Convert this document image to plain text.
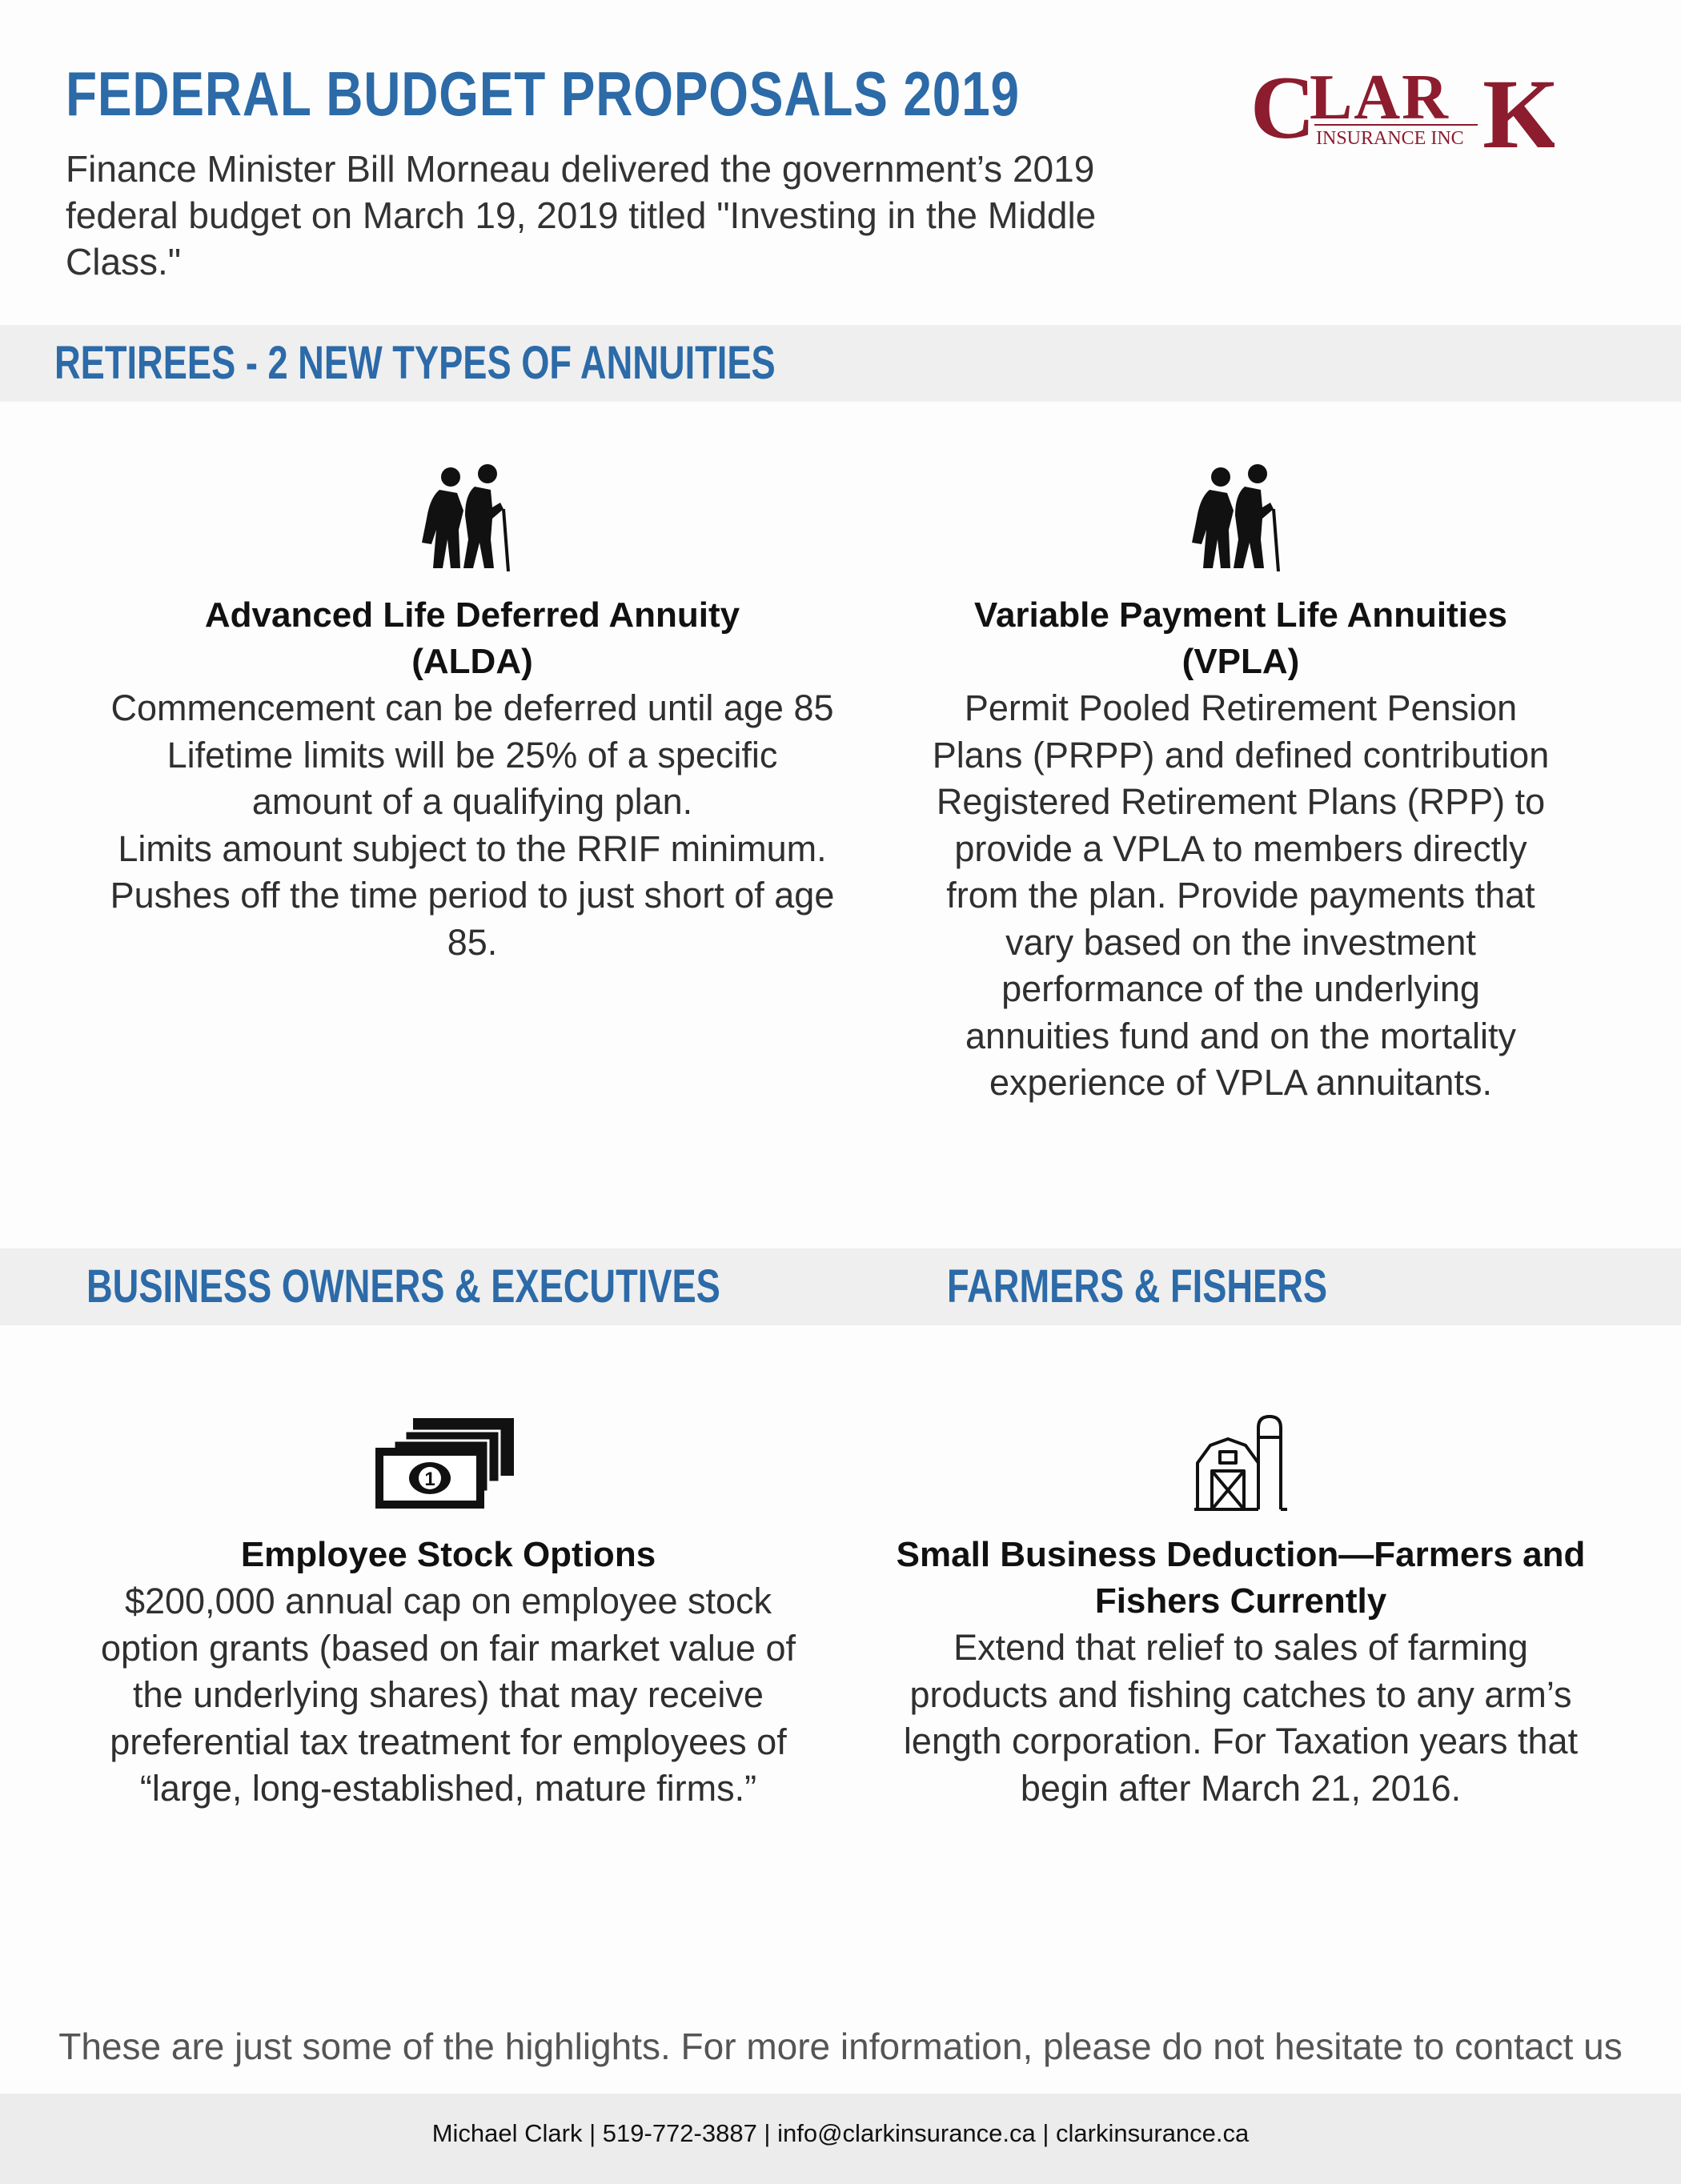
FEDERAL BUDGET PROPOSALS 2019
Finance Minister Bill Morneau delivered the government’s 2019 federal budget on March 19, 2019 titled "Investing in the Middle Class."
C
LAR K
INSURANCE INC
RETIREES - 2 NEW TYPES OF ANNUITIES
Advanced Life Deferred Annuity
(ALDA)

Commencement can be deferred until age 85
Lifetime limits will be 25% of a specific
amount of a qualifying plan.
Limits amount subject to the RRIF minimum.
Pushes off the time period to just short of age
85.

Variable Payment Life Annuities
(VPLA)

Permit Pooled Retirement Pension
Plans (PRPP) and defined contribution
Registered Retirement Plans (RPP) to
provide a VPLA to members directly
from the plan. Provide payments that
vary based on the investment
performance of the underlying
annuities fund and on the mortality
experience of VPLA annuitants.

BUSINESS OWNERS & EXECUTIVES	FARMERS & FISHERS
1
Employee Stock Options

$200,000 annual cap on employee stock
option grants (based on fair market value of
the underlying shares) that may receive
preferential tax treatment for employees of
“large, long-established, mature firms.”

Small Business Deduction—Farmers and
Fishers Currently

Extend that relief to sales of farming
products and fishing catches to any arm’s
length corporation. For Taxation years that
begin after March 21, 2016.

These are just some of the highlights. For more information, please do not hesitate to contact us
Michael Clark | 519-772-3887 | info@clarkinsurance.ca | clarkinsurance.ca
